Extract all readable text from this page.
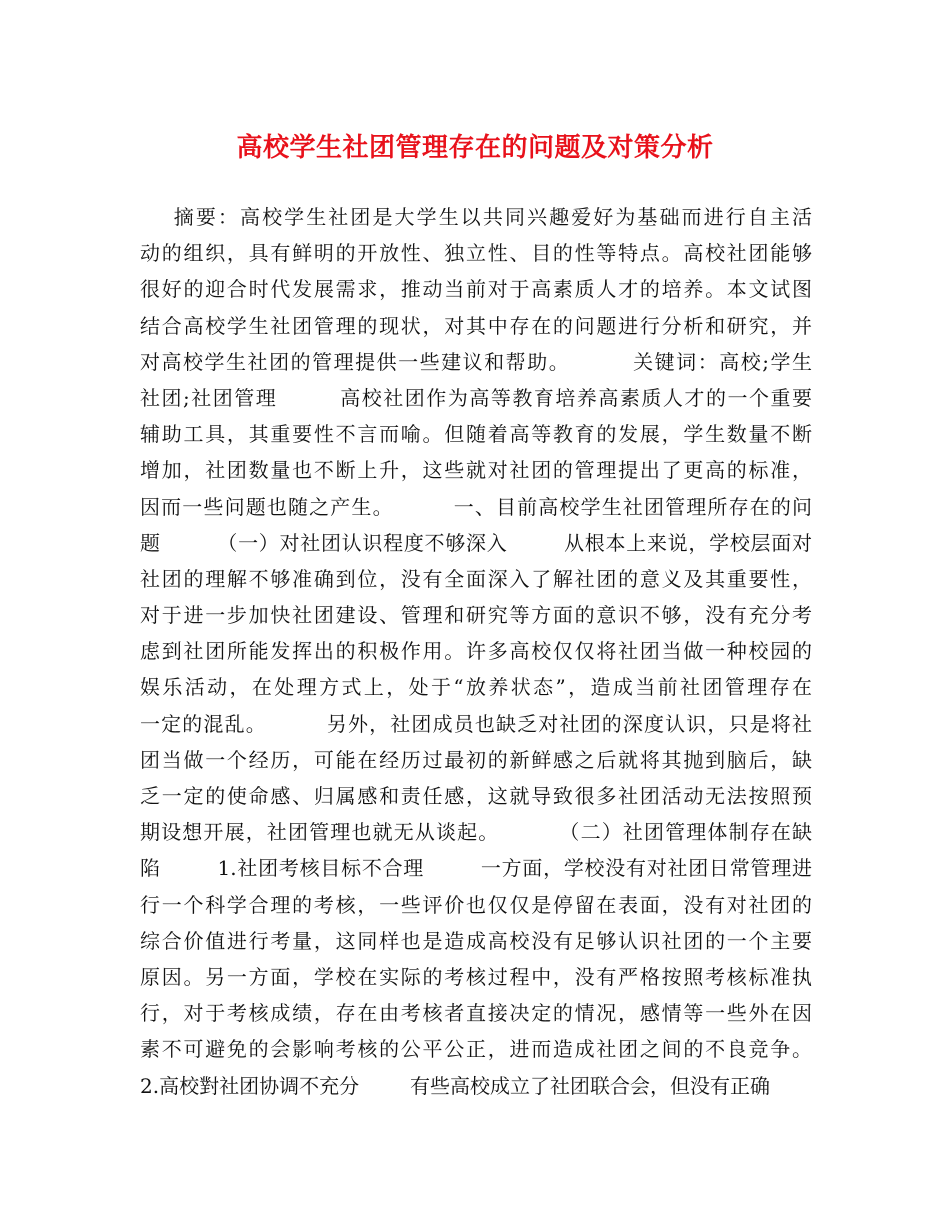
高校学生社团管理存在的问题及对策分析
摘要：高校学生社团是大学生以共同兴趣爱好为基础而进行自主活
动的组织，具有鲜明的开放性、独立性、目的性等特点。高校社团能够
很好的迎合时代发展需求，推动当前对于高素质人才的培养。本文试图
结合高校学生社团管理的现状，对其中存在的问题进行分析和研究，并
对高校学生社团的管理提供一些建议和帮助。        关键词：高校;学生
社团;社团管理        高校社团作为高等教育培养高素质人才的一个重要
辅助工具，其重要性不言而喻。但随着高等教育的发展，学生数量不断
增加，社团数量也不断上升，这些就对社团的管理提出了更高的标准，
因而一些问题也随之产生。        一、目前高校学生社团管理所存在的问
题        （一）对社团认识程度不够深入        从根本上来说，学校层面对
社团的理解不够准确到位，没有全面深入了解社团的意义及其重要性，
对于进一步加快社团建设、管理和研究等方面的意识不够，没有充分考
虑到社团所能发挥出的积极作用。许多高校仅仅将社团当做一种校园的
娱乐活动，在处理方式上，处于“放养状态”，造成当前社团管理存在
一定的混乱。        另外，社团成员也缺乏对社团的深度认识，只是将社
团当做一个经历，可能在经历过最初的新鲜感之后就将其抛到脑后，缺
乏一定的使命感、归属感和责任感，这就导致很多社团活动无法按照预
期设想开展，社团管理也就无从谈起。        （二）社团管理体制存在缺
陷        1.社团考核目标不合理        一方面，学校没有对社团日常管理进
行一个科学合理的考核，一些评价也仅仅是停留在表面，没有对社团的
综合价值进行考量，这同样也是造成高校没有足够认识社团的一个主要
原因。另一方面，学校在实际的考核过程中，没有严格按照考核标准执
行，对于考核成绩，存在由考核者直接决定的情况，感情等一些外在因
素不可避免的会影响考核的公平公正，进而造成社团之间的不良竞争。
2.高校對社团协调不充分        有些高校成立了社团联合会，但没有正确
